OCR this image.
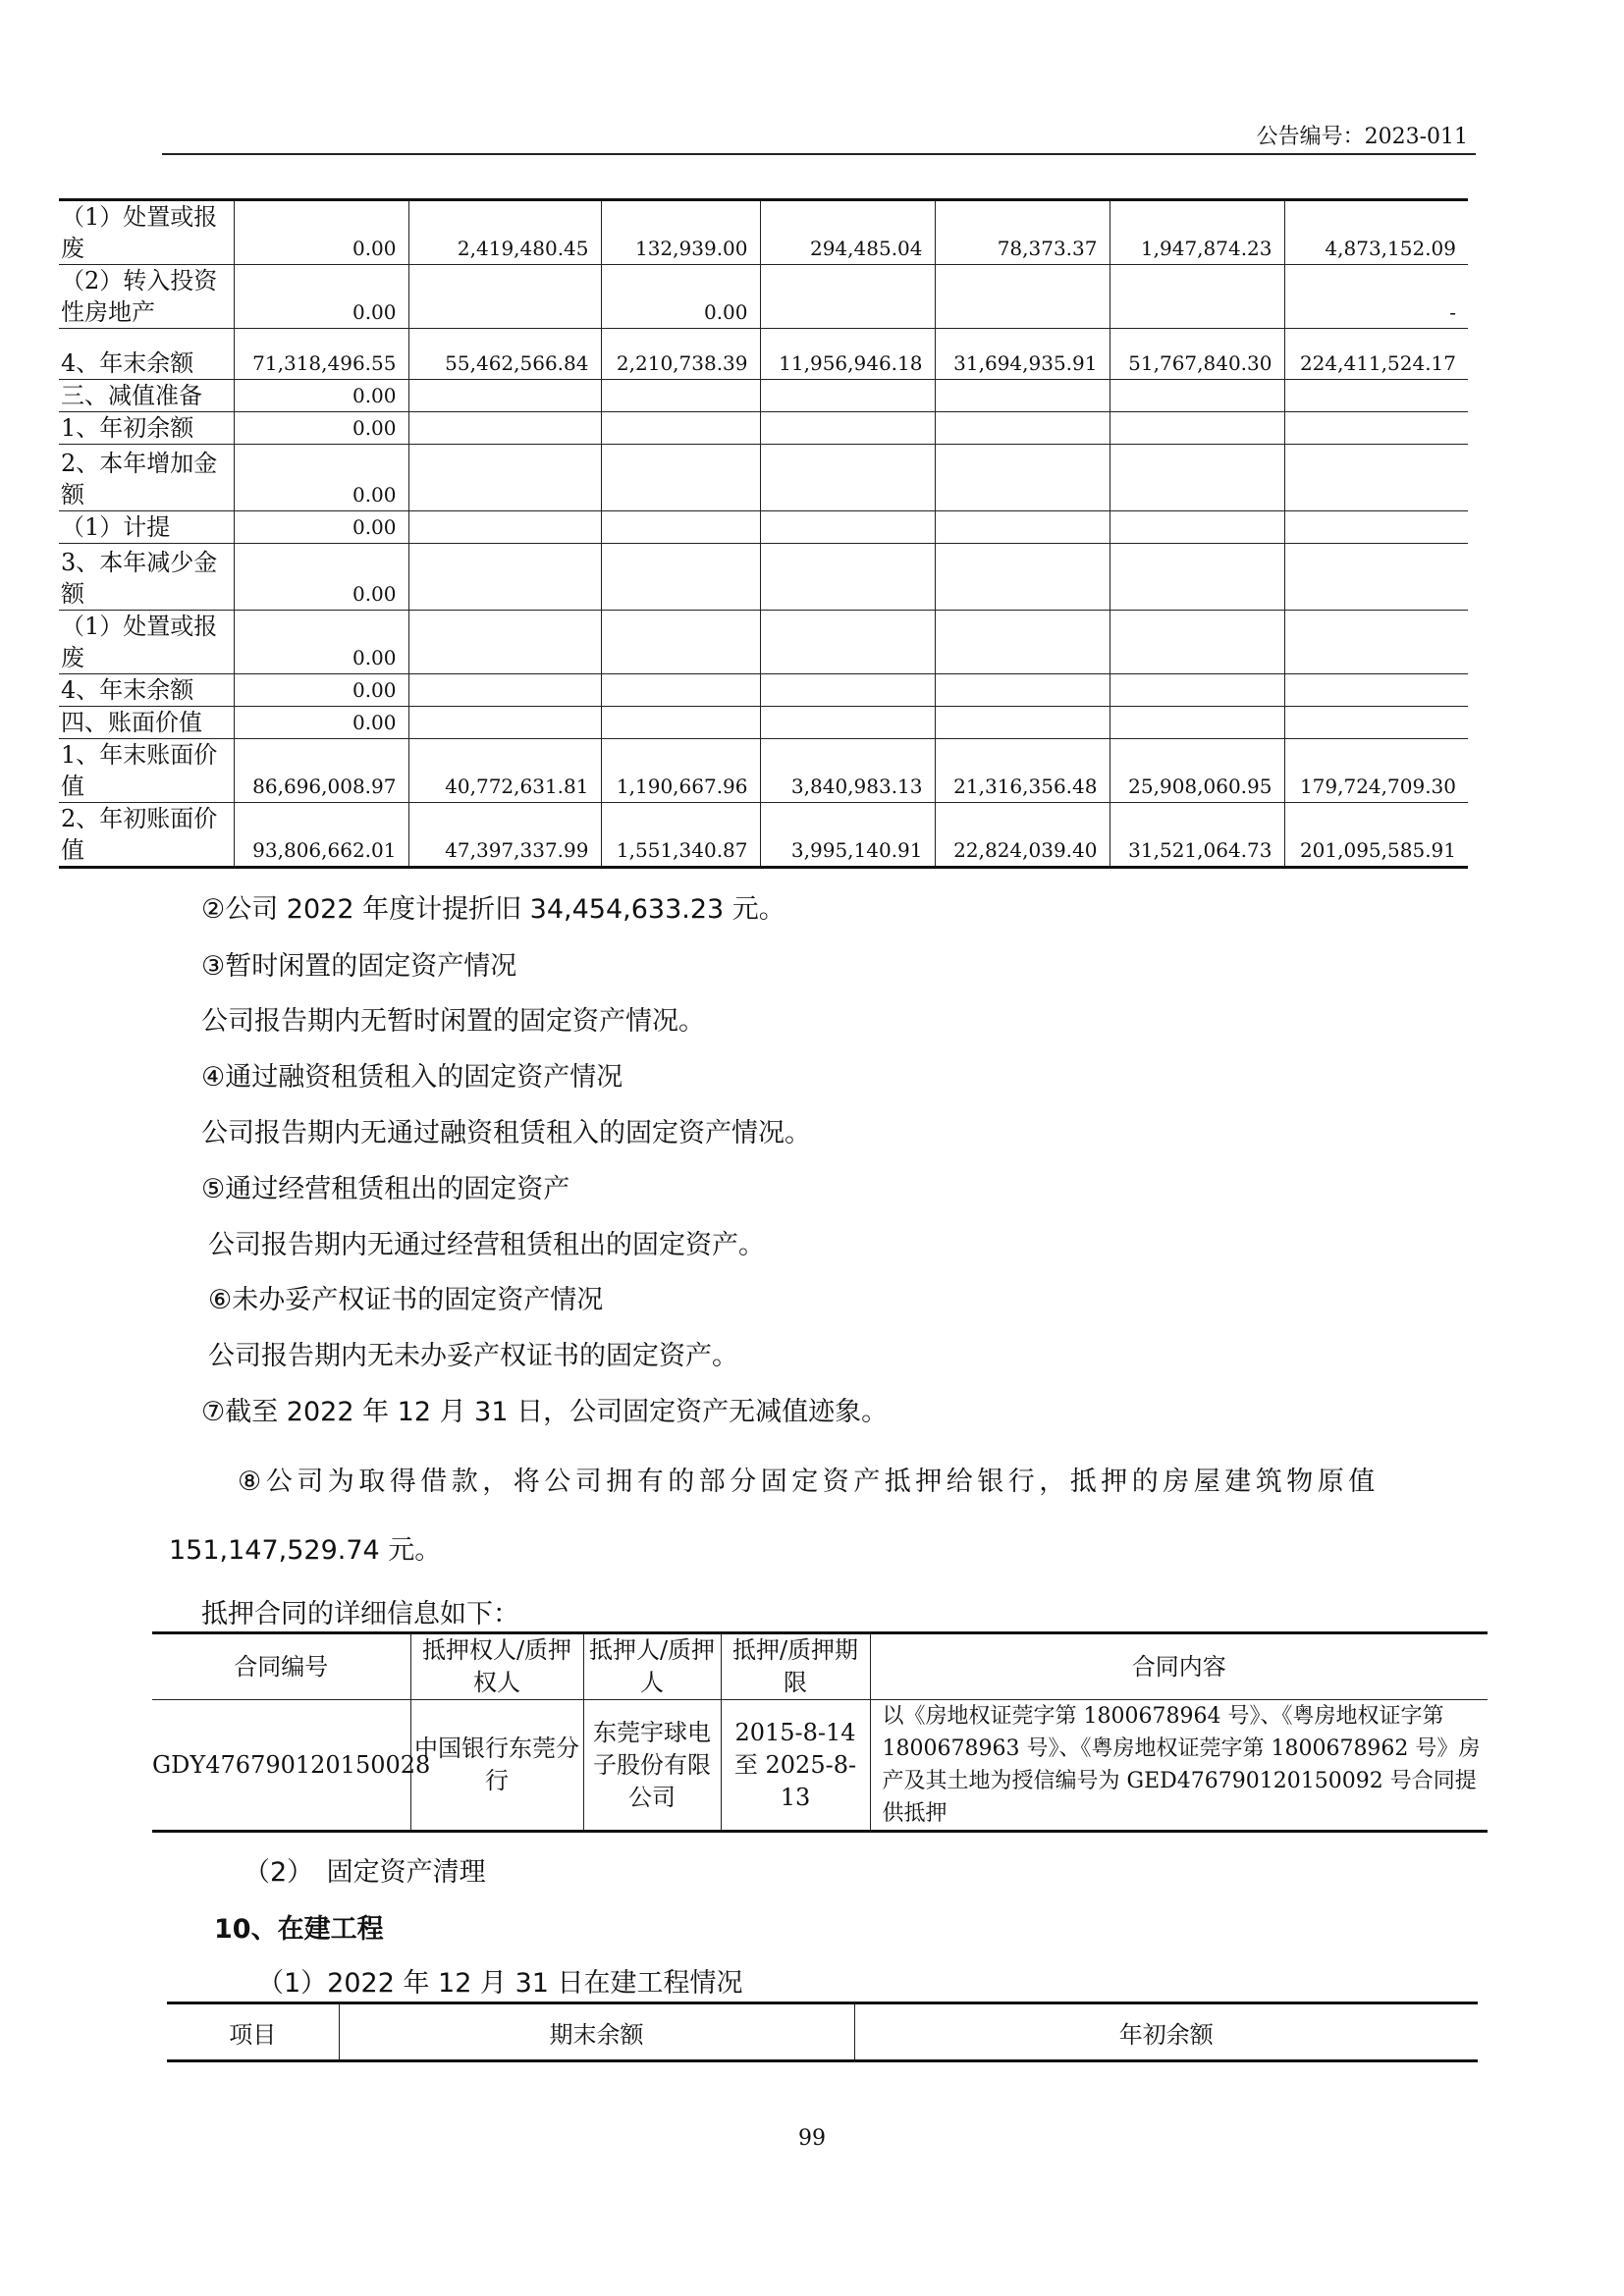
公告编号：2023-011
（1）处置或报废	0.00	2,419,480.45	132,939.00	294,485.04	78,373.37	1,947,874.23	4,873,152.09
（2）转入投资性房地产	0.00		0.00				-
4、年末余额	71,318,496.55	55,462,566.84	2,210,738.39	11,956,946.18	31,694,935.91	51,767,840.30	224,411,524.17
三、减值准备	0.00						
1、年初余额	0.00						
2、本年增加金额	0.00						
（1）计提	0.00						
3、本年减少金额	0.00						
（1）处置或报废	0.00						
4、年末余额	0.00						
四、账面价值	0.00						
1、年末账面价值	86,696,008.97	40,772,631.81	1,190,667.96	3,840,983.13	21,316,356.48	25,908,060.95	179,724,709.30
2、年初账面价值	93,806,662.01	47,397,337.99	1,551,340.87	3,995,140.91	22,824,039.40	31,521,064.73	201,095,585.91
②公司 2022 年度计提折旧 34,454,633.23 元。
③暂时闲置的固定资产情况
公司报告期内无暂时闲置的固定资产情况。
④通过融资租赁租入的固定资产情况
公司报告期内无通过融资租赁租入的固定资产情况。
⑤通过经营租赁租出的固定资产
公司报告期内无通过经营租赁租出的固定资产。
⑥未办妥产权证书的固定资产情况
公司报告期内无未办妥产权证书的固定资产。
⑦截至 2022 年 12 月 31 日，公司固定资产无减值迹象。
⑧公司为取得借款，将公司拥有的部分固定资产抵押给银行，抵押的房屋建筑物原值
151,147,529.74 元。
抵押合同的详细信息如下：
合同编号	抵押权人/质押权人	抵押人/质押人	抵押/质押期限	合同内容
GDY476790120150028	中国银行东莞分行	东莞宇球电子股份有限公司	2015-8-14 至 2025-8-13	以《房地权证莞字第 1800678964 号》、《粤房地权证字第 1800678963 号》、《粤房地权证莞字第 1800678962 号》房产及其土地为授信编号为 GED476790120150092 号合同提供抵押
（2）　固定资产清理
10、在建工程
（1）2022 年 12 月 31 日在建工程情况
项目	期末余额	年初余额
99
